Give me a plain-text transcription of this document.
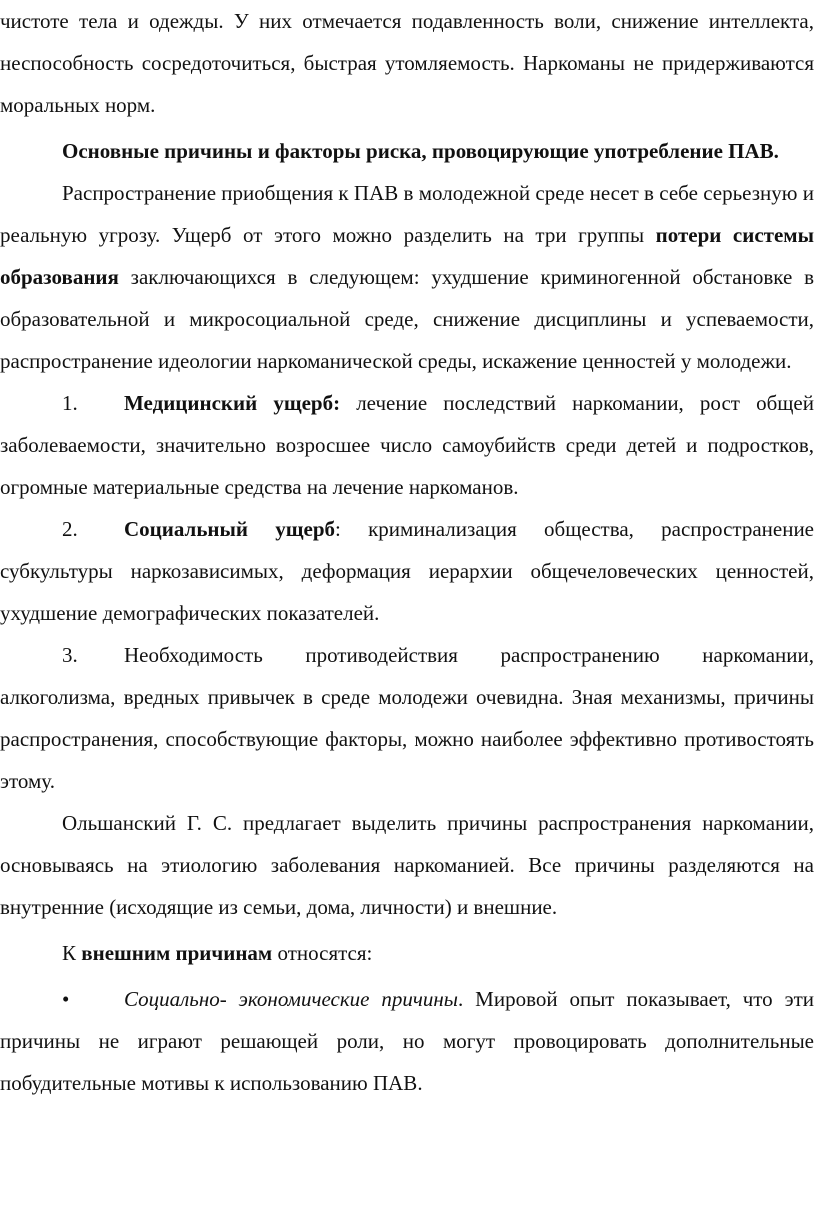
чистоте тела и одежды. У них отмечается подавленность воли, снижение интеллекта, неспособность сосредоточиться, быстрая утомляемость. Наркоманы не придерживаются моральных норм.

Основные причины и факторы риска, провоцирующие употребление ПАВ.

Распространение приобщения к ПАВ в молодежной среде несет в себе серьезную и реальную угрозу. Ущерб от этого можно разделить на три группы потери системы образования заключающихся в следующем: ухудшение криминогенной обстановке в образовательной и микросоциальной среде, снижение дисциплины и успеваемости, распространение идеологии наркоманической среды, искажение ценностей у молодежи.

1. Медицинский ущерб: лечение последствий наркомании, рост общей заболеваемости, значительно возросшее число самоубийств среди детей и подростков, огромные материальные средства на лечение наркоманов.

2. Социальный ущерб: криминализация общества, распространение субкультуры наркозависимых, деформация иерархии общечеловеческих ценностей, ухудшение демографических показателей.

3. Необходимость противодействия распространению наркомании, алкоголизма, вредных привычек в среде молодежи очевидна. Зная механизмы, причины распространения, способствующие факторы, можно наиболее эффективно противостоять этому.

Ольшанский Г. С. предлагает выделить причины распространения наркомании, основываясь на этиологию заболевания наркоманией. Все причины разделяются на внутренние (исходящие из семьи, дома, личности) и внешние.

К внешним причинам относятся:

•	Социально- экономические причины. Мировой опыт показывает, что эти причины не играют решающей роли, но могут провоцировать дополнительные побудительные мотивы к использованию ПАВ.
